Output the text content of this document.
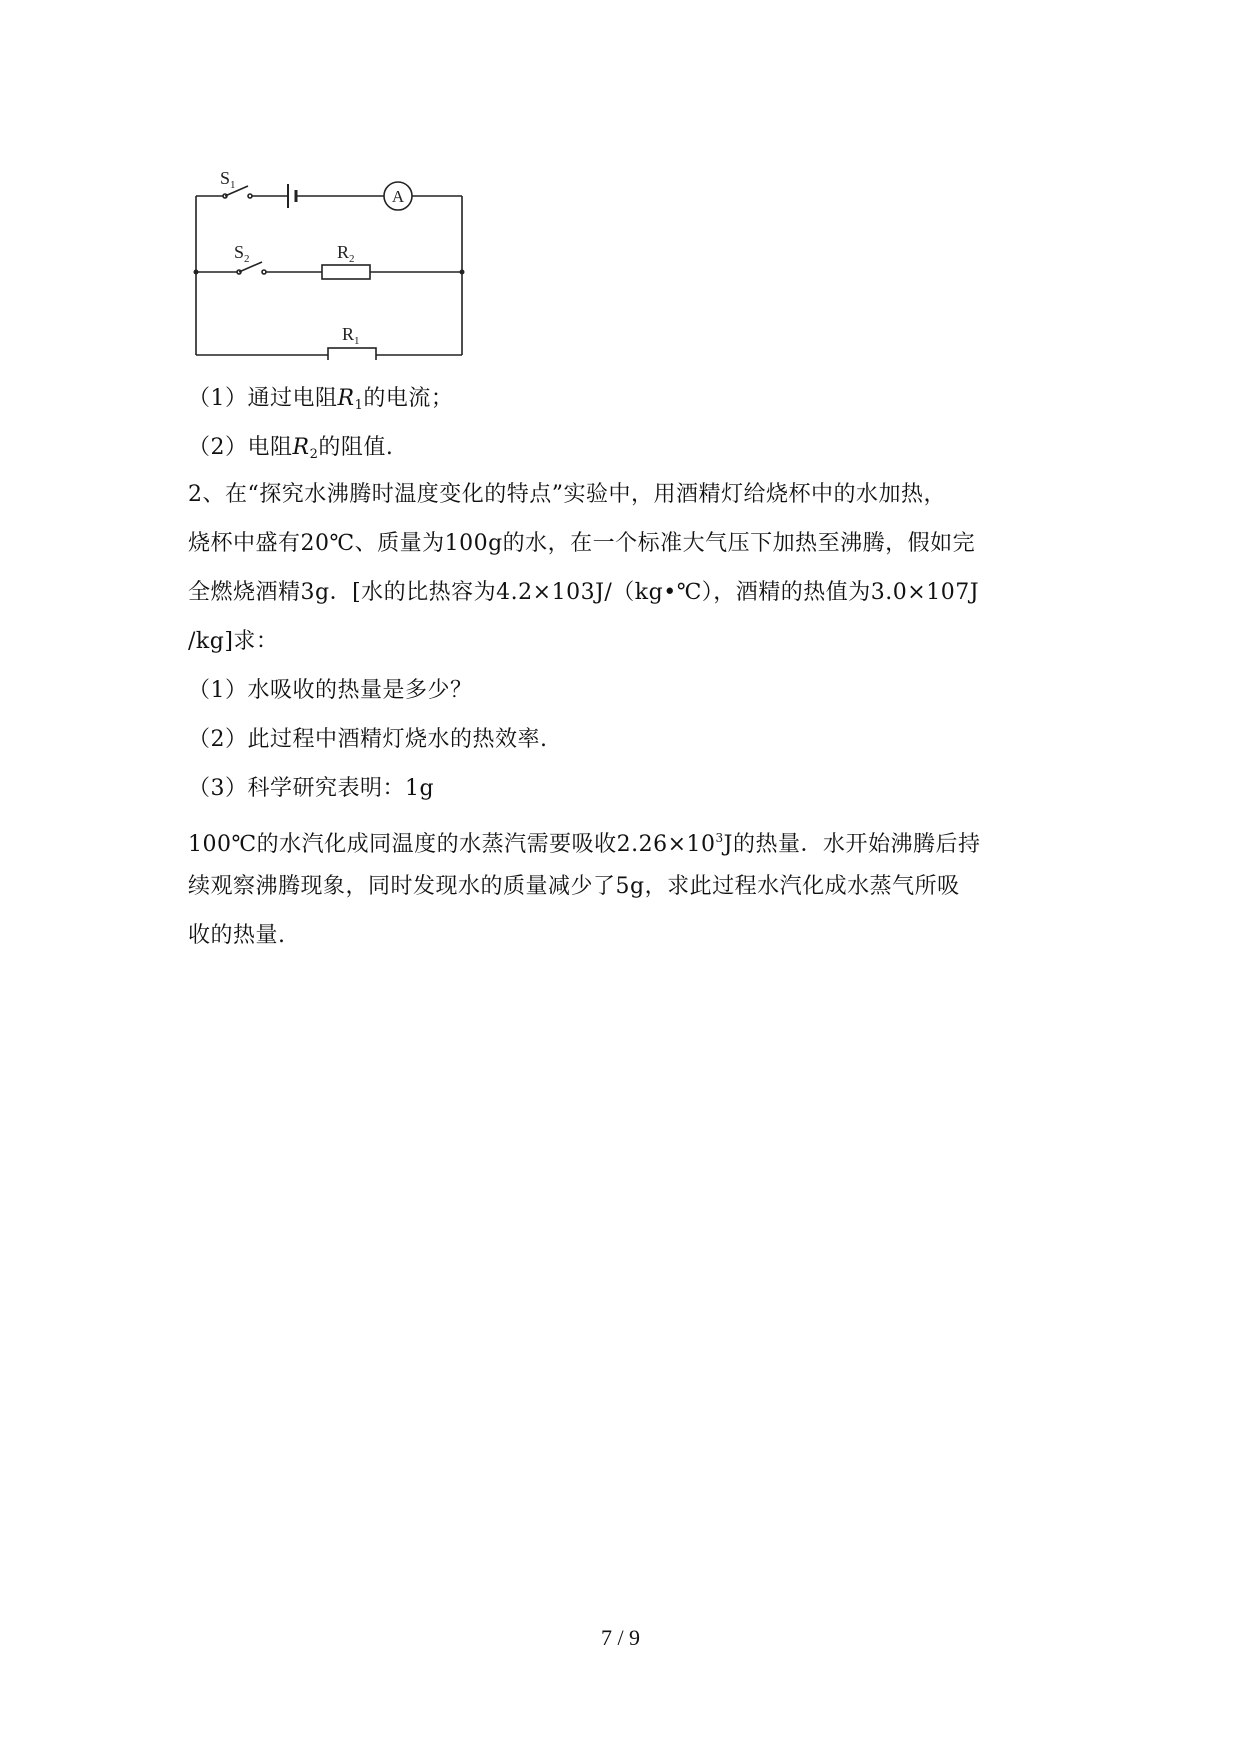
$S_1$
$S_2$	$R_2$
$R_1$
A
（1）通过电阻$R_1$的电流；
（2）电阻$R_2$的阻值.
2、在“探究水沸腾时温度变化的特点”实验中，用酒精灯给烧杯中的水加热，
烧杯中盛有20℃、质量为100g的水，在一个标准大气压下加热至沸腾，假如完
全燃烧酒精3g．[水的比热容为4.2×103J/（kg•℃），酒精的热值为3.0×107J
/kg]求：
（1）水吸收的热量是多少？
（2）此过程中酒精灯烧水的热效率.
（3）科学研究表明：1g
100℃的水汽化成同温度的水蒸汽需要吸收$2.26\times 10^3J$的热量．水开始沸腾后持
续观察沸腾现象，同时发现水的质量减少了5g，求此过程水汽化成水蒸气所吸
收的热量.
7 / 9
